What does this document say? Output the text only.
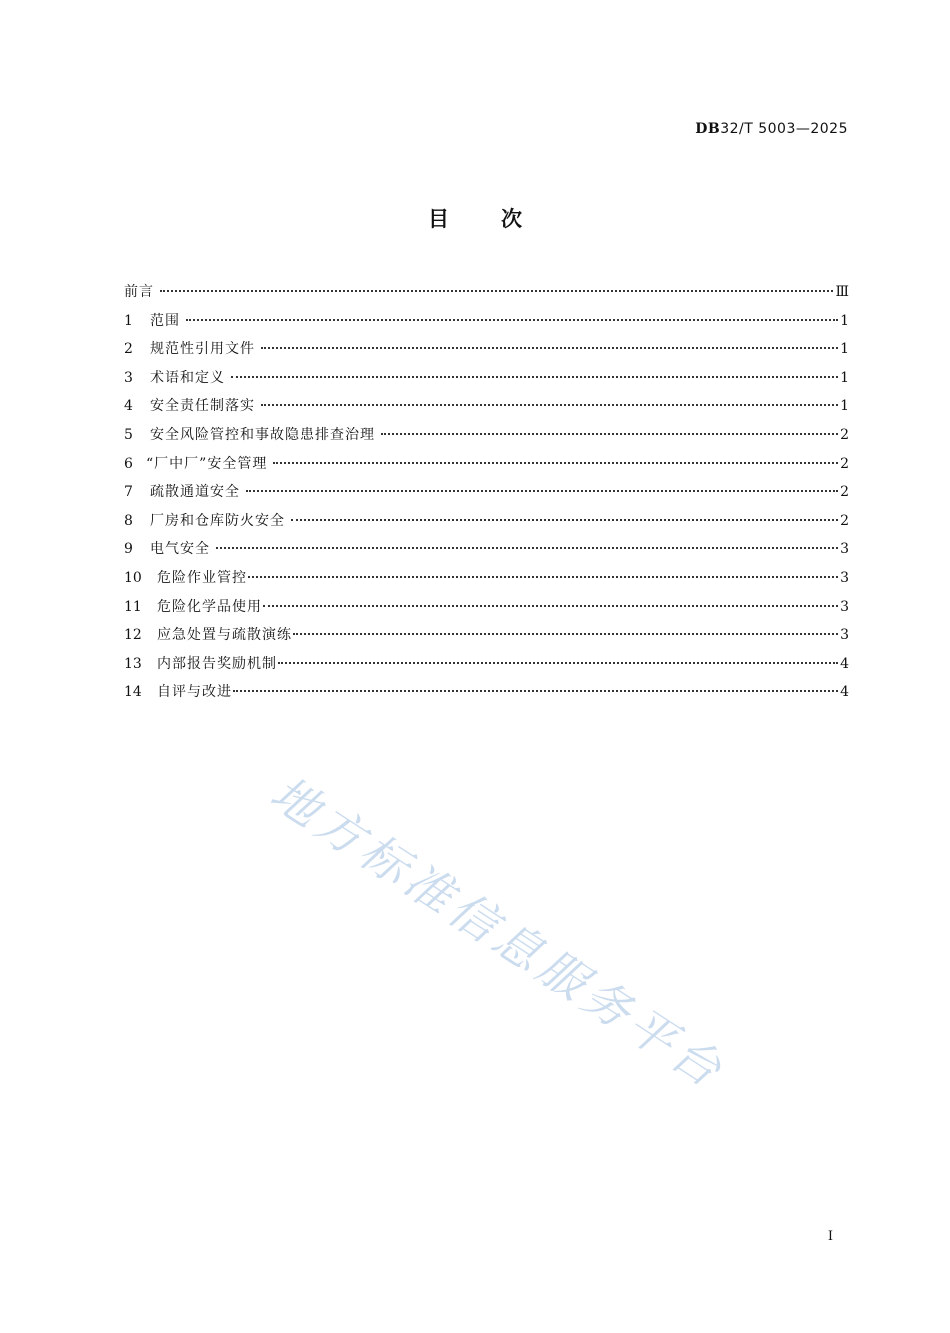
DB32/T 5003—2025
目次
前言	Ⅲ
1	范围	1
2	规范性引用文件	1
3	术语和定义	1
4	安全责任制落实	1
5	安全风险管控和事故隐患排查治理	2
6 “厂中厂”安全管理	2
7	疏散通道安全	2
8	厂房和仓库防火安全	2
9	电气安全	3
10	危险作业管控	3
11	危险化学品使用	3
12	应急处置与疏散演练	3
13	内部报告奖励机制	4
14	自评与改进	4
地方标准信息服务平台
I
